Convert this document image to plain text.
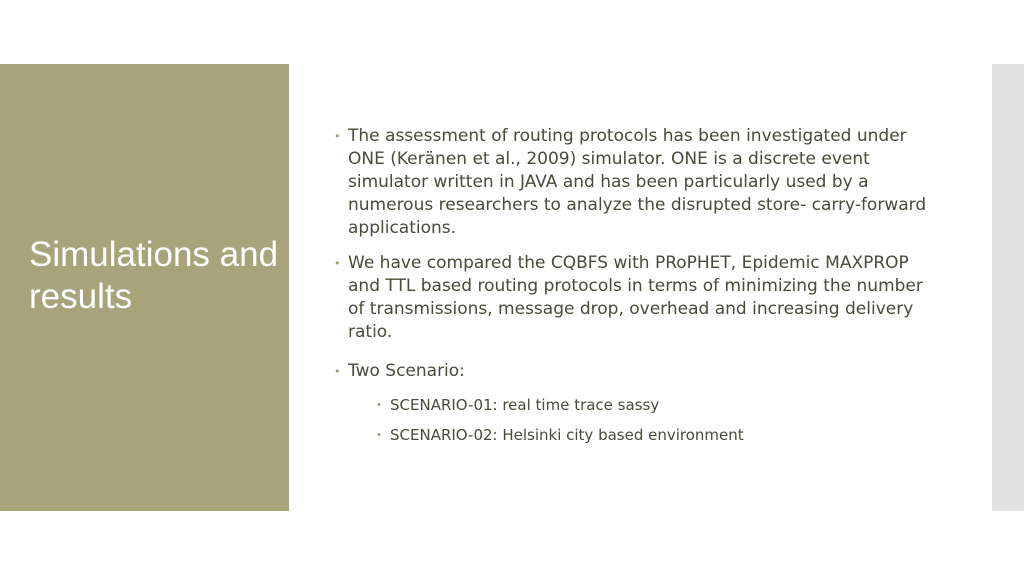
Simulations and results
• The assessment of routing protocols has been investigated under ONE (Keränen et al., 2009) simulator. ONE is a discrete event simulator written in JAVA and has been particularly used by a numerous researchers to analyze the disrupted store- carry-forward applications.
• We have compared the CQBFS with PRoPHET, Epidemic MAXPROP and TTL based routing protocols in terms of minimizing the number of transmissions, message drop, overhead and increasing delivery ratio.
• Two Scenario:
• SCENARIO-01: real time trace sassy
• SCENARIO-02: Helsinki city based environment
